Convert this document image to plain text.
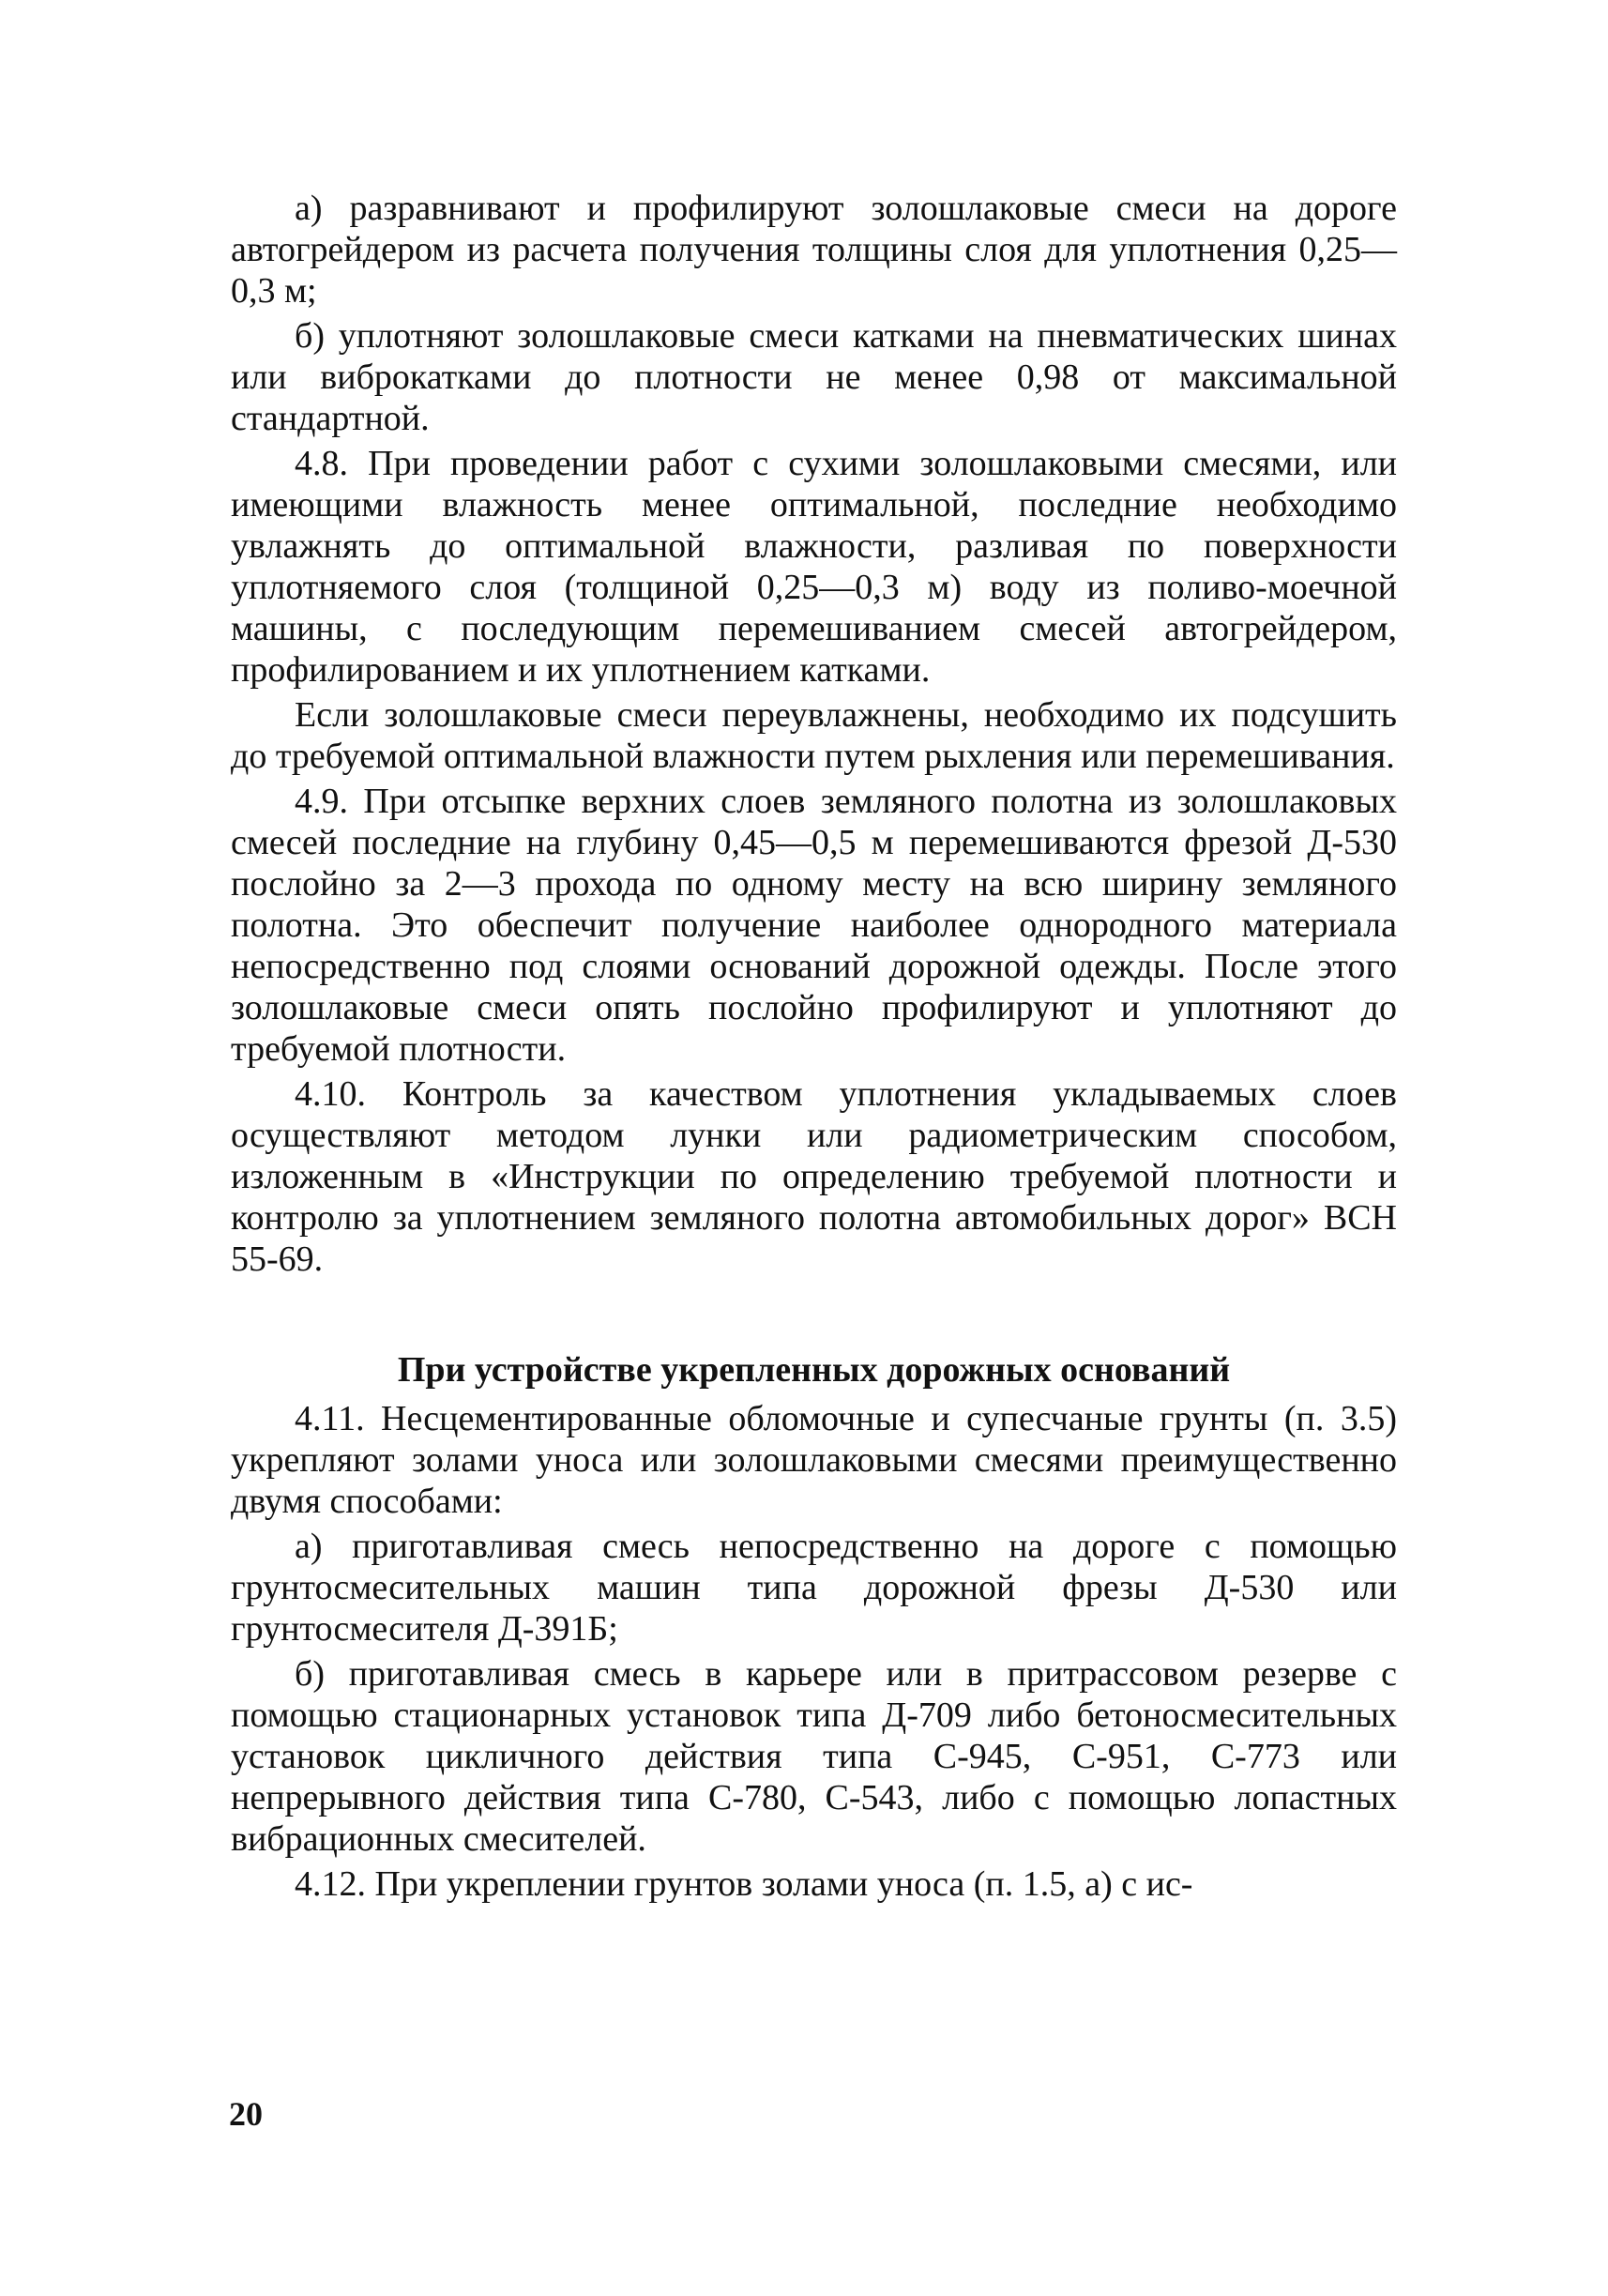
а) разравнивают и профилируют золошлаковые смеси на дороге автогрейдером из расчета получения толщины слоя для уплотнения 0,25—0,3 м;

б) уплотняют золошлаковые смеси катками на пневматических шинах или виброкатками до плотности не менее 0,98 от максимальной стандартной.

4.8. При проведении работ с сухими золошлаковыми смесями, или имеющими влажность менее оптимальной, последние необходимо увлажнять до оптимальной влажности, разливая по поверхности уплотняемого слоя (толщиной 0,25—0,3 м) воду из поливо-моечной машины, с последующим перемешиванием смесей автогрейдером, профилированием и их уплотнением катками.

Если золошлаковые смеси переувлажнены, необходимо их подсушить до требуемой оптимальной влажности путем рыхления или перемешивания.

4.9. При отсыпке верхних слоев земляного полотна из золошлаковых смесей последние на глубину 0,45—0,5 м перемешиваются фрезой Д-530 послойно за 2—3 прохода по одному месту на всю ширину земляного полотна. Это обеспечит получение наиболее однородного материала непосредственно под слоями оснований дорожной одежды. После этого золошлаковые смеси опять послойно профилируют и уплотняют до требуемой плотности.

4.10. Контроль за качеством уплотнения укладываемых слоев осуществляют методом лунки или радиометрическим способом, изложенным в «Инструкции по определению требуемой плотности и контролю за уплотнением земляного полотна автомобильных дорог» ВСН 55-69.

При устройстве укрепленных дорожных оснований

4.11. Несцементированные обломочные и супесчаные грунты (п. 3.5) укрепляют золами уноса или золошлаковыми смесями преимущественно двумя способами:

а) приготавливая смесь непосредственно на дороге с помощью грунтосмесительных машин типа дорожной фрезы Д-530 или грунтосмесителя Д-391Б;

б) приготавливая смесь в карьере или в притрассовом резерве с помощью стационарных установок типа Д-709 либо бетоносмесительных установок цикличного действия типа С-945, С-951, С-773 или непрерывного действия типа С-780, С-543, либо с помощью лопастных вибрационных смесителей.

4.12. При укреплении грунтов золами уноса (п. 1.5, а) с ис-

20
